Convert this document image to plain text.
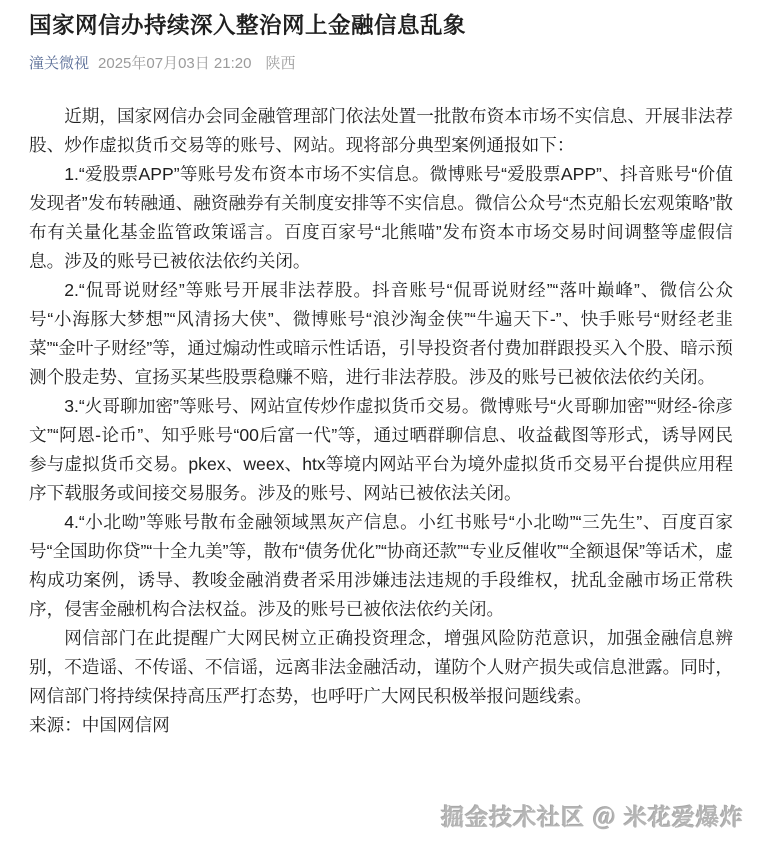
国家网信办持续深入整治网上金融信息乱象
潼关微视 2025年07月03日 21:20 陕西

近期，国家网信办会同金融管理部门依法处置一批散布资本市场不实信息、开展非法荐股、炒作虚拟货币交易等的账号、网站。现将部分典型案例通报如下：

1.“爱股票APP”等账号发布资本市场不实信息。微博账号“爱股票APP”、抖音账号“价值发现者”发布转融通、融资融券有关制度安排等不实信息。微信公众号“杰克船长宏观策略”散布有关量化基金监管政策谣言。百度百家号“北熊喵”发布资本市场交易时间调整等虚假信息。涉及的账号已被依法依约关闭。

2.“侃哥说财经”等账号开展非法荐股。抖音账号“侃哥说财经”“落叶巅峰”、微信公众号“小海豚大梦想”“风清扬大侠”、微博账号“浪沙淘金侠”“牛遍天下-”、快手账号“财经老韭菜”“金叶子财经”等，通过煽动性或暗示性话语，引导投资者付费加群跟投买入个股、暗示预测个股走势、宣扬买某些股票稳赚不赔，进行非法荐股。涉及的账号已被依法依约关闭。

3.“火哥聊加密”等账号、网站宣传炒作虚拟货币交易。微博账号“火哥聊加密”“财经-徐彦文”“阿恩-论币”、知乎账号“00后富一代”等，通过晒群聊信息、收益截图等形式，诱导网民参与虚拟货币交易。pkex、weex、htx等境内网站平台为境外虚拟货币交易平台提供应用程序下载服务或间接交易服务。涉及的账号、网站已被依法关闭。

4.“小北呦”等账号散布金融领域黑灰产信息。小红书账号“小北呦”“三先生”、百度百家号“全国助你贷”“十全九美”等，散布“债务优化”“协商还款”“专业反催收”“全额退保”等话术，虚构成功案例，诱导、教唆金融消费者采用涉嫌违法违规的手段维权，扰乱金融市场正常秩序，侵害金融机构合法权益。涉及的账号已被依法依约关闭。

网信部门在此提醒广大网民树立正确投资理念，增强风险防范意识，加强金融信息辨别，不造谣、不传谣、不信谣，远离非法金融活动，谨防个人财产损失或信息泄露。同时，网信部门将持续保持高压严打态势，也呼吁广大网民积极举报问题线索。

来源：中国网信网

掘金技术社区 ＠ 米花爱爆炸
